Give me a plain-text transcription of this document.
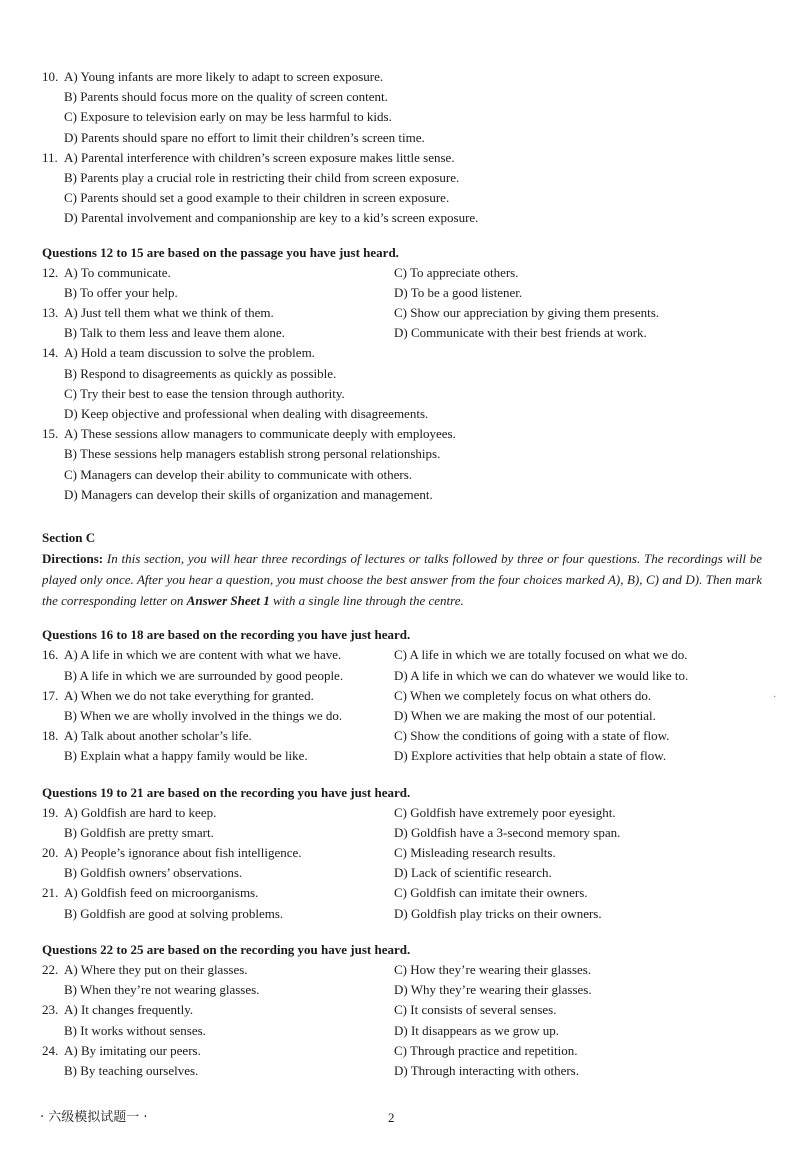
10. A) Young infants are more likely to adapt to screen exposure.
B) Parents should focus more on the quality of screen content.
C) Exposure to television early on may be less harmful to kids.
D) Parents should spare no effort to limit their children’s screen time.
11. A) Parental interference with children’s screen exposure makes little sense.
B) Parents play a crucial role in restricting their child from screen exposure.
C) Parents should set a good example to their children in screen exposure.
D) Parental involvement and companionship are key to a kid’s screen exposure.
Questions 12 to 15 are based on the passage you have just heard.
12. A) To communicate.	C) To appreciate others.
B) To offer your help.	D) To be a good listener.
13. A) Just tell them what we think of them.	C) Show our appreciation by giving them presents.
B) Talk to them less and leave them alone.	D) Communicate with their best friends at work.
14. A) Hold a team discussion to solve the problem.
B) Respond to disagreements as quickly as possible.
C) Try their best to ease the tension through authority.
D) Keep objective and professional when dealing with disagreements.
15. A) These sessions allow managers to communicate deeply with employees.
B) These sessions help managers establish strong personal relationships.
C) Managers can develop their ability to communicate with others.
D) Managers can develop their skills of organization and management.
Section C
Directions: In this section, you will hear three recordings of lectures or talks followed by three or four questions. The recordings will be played only once. After you hear a question, you must choose the best answer from the four choices marked A), B), C) and D). Then mark the corresponding letter on Answer Sheet 1 with a single line through the centre.
Questions 16 to 18 are based on the recording you have just heard.
16. A) A life in which we are content with what we have.	C) A life in which we are totally focused on what we do.
B) A life in which we are surrounded by good people.	D) A life in which we can do whatever we would like to.
17. A) When we do not take everything for granted.	C) When we completely focus on what others do.
B) When we are wholly involved in the things we do.	D) When we are making the most of our potential.
18. A) Talk about another scholar’s life.	C) Show the conditions of going with a state of flow.
B) Explain what a happy family would be like.	D) Explore activities that help obtain a state of flow.
Questions 19 to 21 are based on the recording you have just heard.
19. A) Goldfish are hard to keep.	C) Goldfish have extremely poor eyesight.
B) Goldfish are pretty smart.	D) Goldfish have a 3-second memory span.
20. A) People’s ignorance about fish intelligence.	C) Misleading research results.
B) Goldfish owners’ observations.	D) Lack of scientific research.
21. A) Goldfish feed on microorganisms.	C) Goldfish can imitate their owners.
B) Goldfish are good at solving problems.	D) Goldfish play tricks on their owners.
Questions 22 to 25 are based on the recording you have just heard.
22. A) Where they put on their glasses.	C) How they’re wearing their glasses.
B) When they’re not wearing glasses.	D) Why they’re wearing their glasses.
23. A) It changes frequently.	C) It consists of several senses.
B) It works without senses.	D) It disappears as we grow up.
24. A) By imitating our peers.	C) Through practice and repetition.
B) By teaching ourselves.	D) Through interacting with others.
·
· 六级模拟试题一 ·	2
